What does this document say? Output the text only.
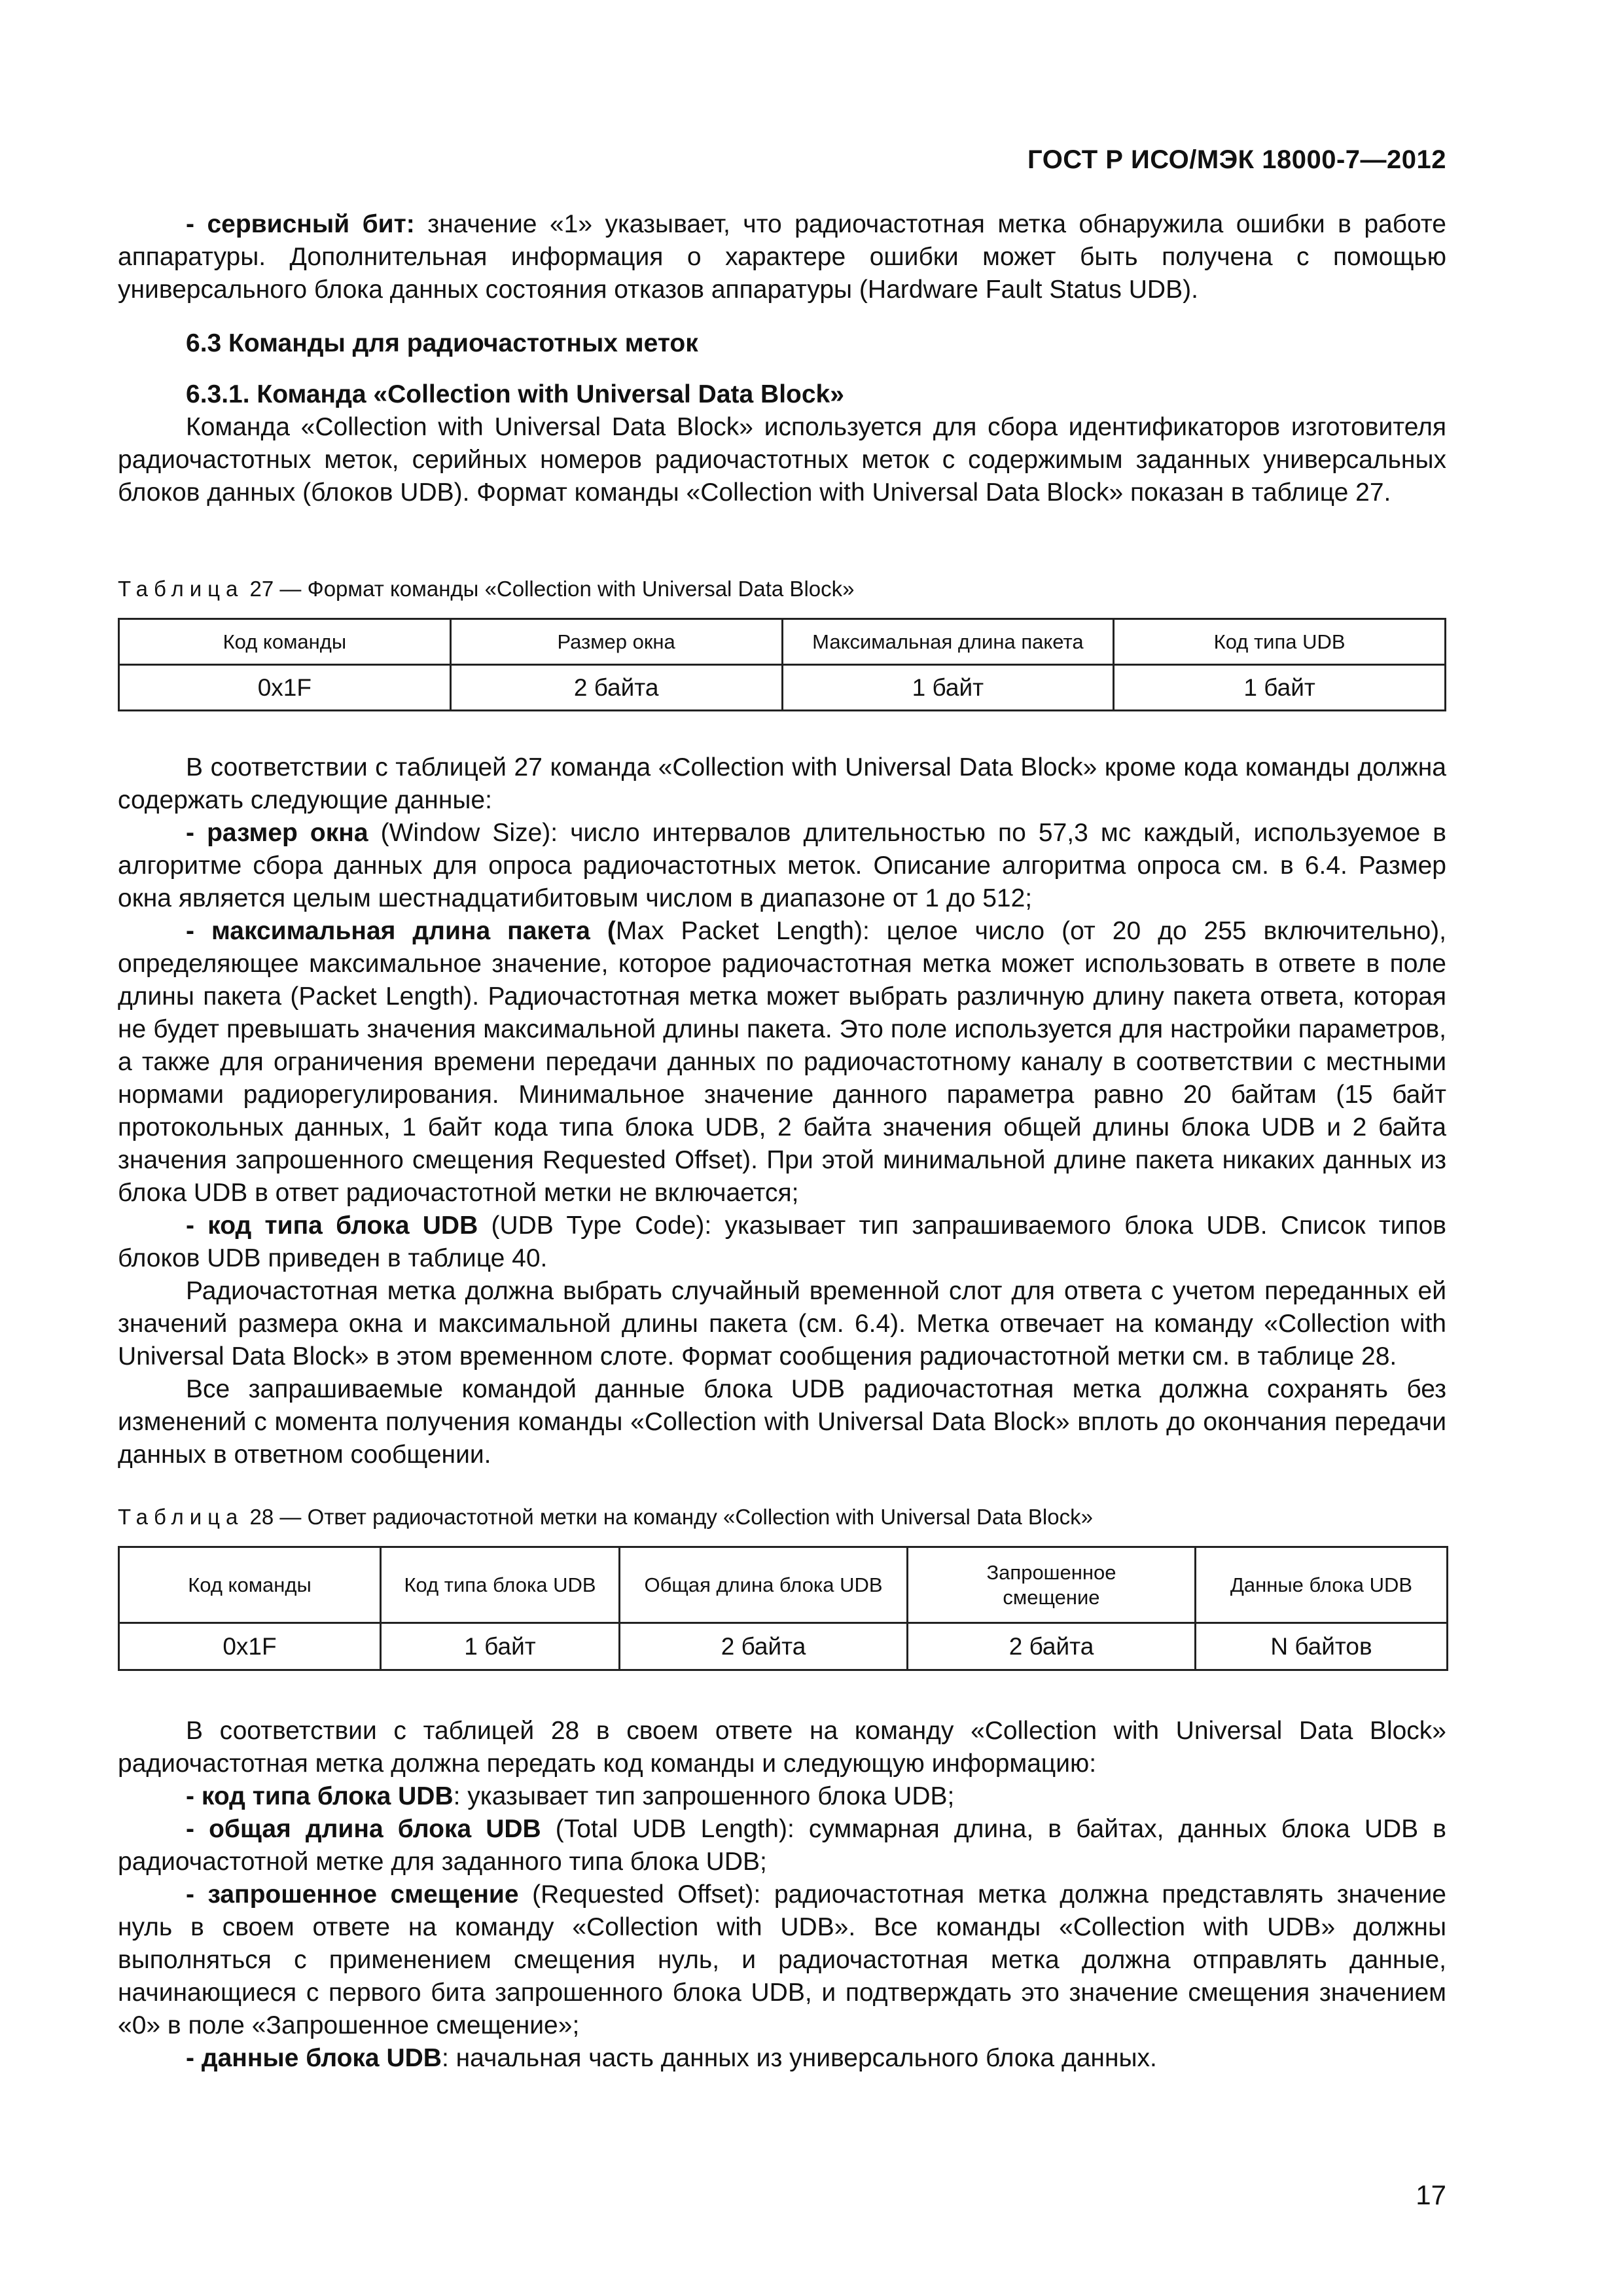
ГОСТ Р ИСО/МЭК 18000-7—2012

- сервисный бит: значение «1» указывает, что радиочастотная метка обнаружила ошибки в работе аппаратуры. Дополнительная информация о характере ошибки может быть получена с помощью универсального блока данных состояния отказов аппаратуры (Hardware Fault Status UDB).

6.3 Команды для радиочастотных меток

6.3.1. Команда «Collection with Universal Data Block»

Команда «Collection with Universal Data Block» используется для сбора идентификаторов изготовителя радиочастотных меток, серийных номеров радиочастотных меток с содержимым заданных универсальных блоков данных (блоков UDB). Формат команды «Collection with Universal Data Block» показан в таблице 27.

Таблица 27 — Формат команды «Collection with Universal Data Block»

Код команды	Размер окна	Максимальная длина пакета	Код типа UDB
0x1F	2 байта	1 байт	1 байт

В соответствии с таблицей 27 команда «Collection with Universal Data Block» кроме кода команды должна содержать следующие данные:

- размер окна (Window Size): число интервалов длительностью по 57,3 мс каждый, используемое в алгоритме сбора данных для опроса радиочастотных меток. Описание алгоритма опроса см. в 6.4. Размер окна является целым шестнадцатибитовым числом в диапазоне от 1 до 512;

- максимальная длина пакета (Max Packet Length): целое число (от 20 до 255 включительно), определяющее максимальное значение, которое радиочастотная метка может использовать в ответе в поле длины пакета (Packet Length). Радиочастотная метка может выбрать различную длину пакета ответа, которая не будет превышать значения максимальной длины пакета. Это поле используется для настройки параметров, а также для ограничения времени передачи данных по радиочастотному каналу в соответствии с местными нормами радиорегулирования. Минимальное значение данного параметра равно 20 байтам (15 байт протокольных данных, 1 байт кода типа блока UDB, 2 байта значения общей длины блока UDB и 2 байта значения запрошенного смещения Requested Offset). При этой минимальной длине пакета никаких данных из блока UDB в ответ радиочастотной метки не включается;

- код типа блока UDB (UDB Type Code): указывает тип запрашиваемого блока UDB. Список типов блоков UDB приведен в таблице 40.

Радиочастотная метка должна выбрать случайный временной слот для ответа с учетом переданных ей значений размера окна и максимальной длины пакета (см. 6.4). Метка отвечает на команду «Collection with Universal Data Block» в этом временном слоте. Формат сообщения радиочастотной метки см. в таблице 28.

Все запрашиваемые командой данные блока UDB радиочастотная метка должна сохранять без изменений с момента получения команды «Collection with Universal Data Block» вплоть до окончания передачи данных в ответном сообщении.

Таблица 28 — Ответ радиочастотной метки на команду «Collection with Universal Data Block»

Код команды	Код типа блока UDB	Общая длина блока UDB	Запрошенное смещение	Данные блока UDB
0x1F	1 байт	2 байта	2 байта	N байтов

В соответствии с таблицей 28 в своем ответе на команду «Collection with Universal Data Block» радиочастотная метка должна передать код команды и следующую информацию:

- код типа блока UDB: указывает тип запрошенного блока UDB;

- общая длина блока UDB (Total UDB Length): суммарная длина, в байтах, данных блока UDB в радиочастотной метке для заданного типа блока UDB;

- запрошенное смещение (Requested Offset): радиочастотная метка должна представлять значение нуль в своем ответе на команду «Collection with UDB». Все команды «Collection with UDB» должны выполняться с применением смещения нуль, и радиочастотная метка должна отправлять данные, начинающиеся с первого бита запрошенного блока UDB, и подтверждать это значение смещения значением «0» в поле «Запрошенное смещение»;

- данные блока UDB: начальная часть данных из универсального блока данных.

17
